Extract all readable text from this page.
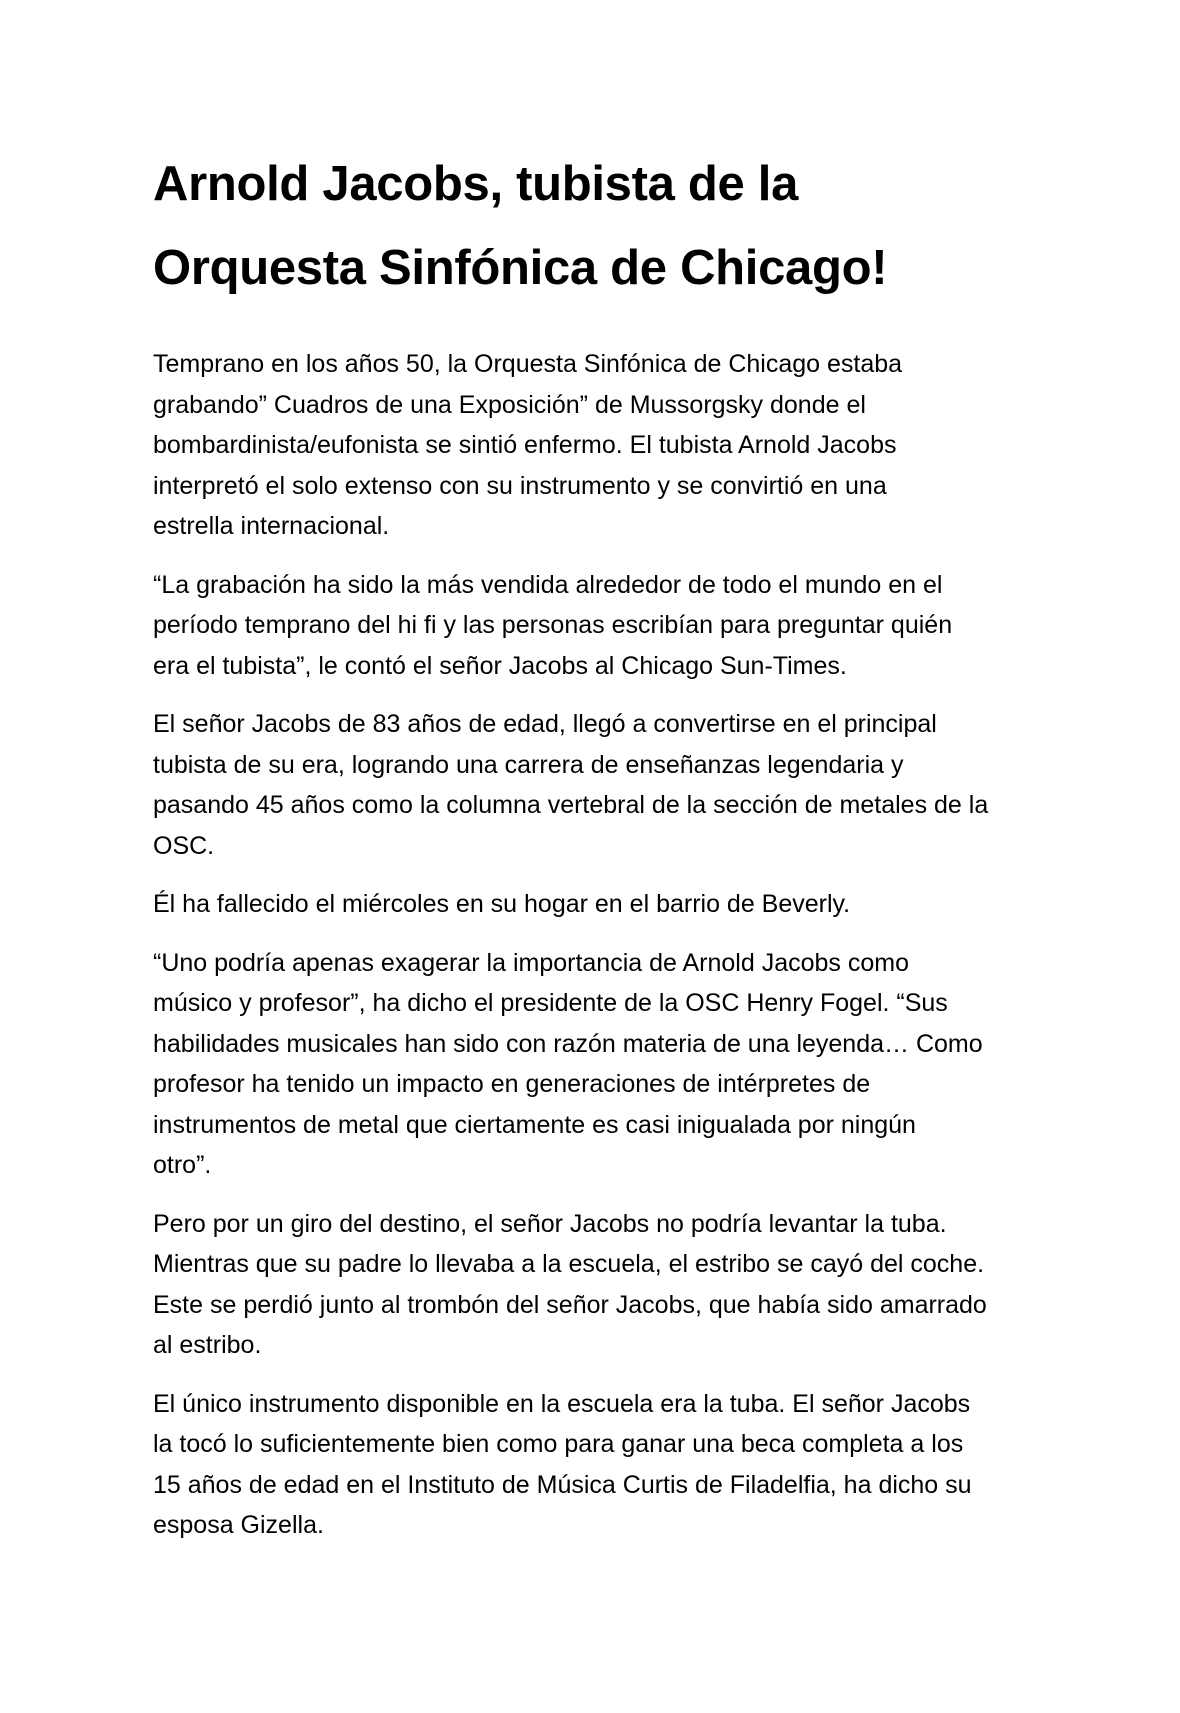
Arnold Jacobs, tubista de la
Orquesta Sinfónica de Chicago!

Temprano en los años 50, la Orquesta Sinfónica de Chicago estaba
grabando” Cuadros de una Exposición” de Mussorgsky donde el
bombardinista/eufonista se sintió enfermo. El tubista Arnold Jacobs
interpretó el solo extenso con su instrumento y se convirtió en una
estrella internacional.

“La grabación ha sido la más vendida alrededor de todo el mundo en el
período temprano del hi fi y las personas escribían para preguntar quién
era el tubista”, le contó el señor Jacobs al Chicago Sun-Times.

El señor Jacobs de 83 años de edad, llegó a convertirse en el principal
tubista de su era, logrando una carrera de enseñanzas legendaria y
pasando 45 años como la columna vertebral de la sección de metales de la
OSC.

Él ha fallecido el miércoles en su hogar en el barrio de Beverly.

“Uno podría apenas exagerar la importancia de Arnold Jacobs como
músico y profesor”, ha dicho el presidente de la OSC Henry Fogel. “Sus
habilidades musicales han sido con razón materia de una leyenda… Como
profesor ha tenido un impacto en generaciones de intérpretes de
instrumentos de metal que ciertamente es casi inigualada por ningún
otro”.

Pero por un giro del destino, el señor Jacobs no podría levantar la tuba.
Mientras que su padre lo llevaba a la escuela, el estribo se cayó del coche.
Este se perdió junto al trombón del señor Jacobs, que había sido amarrado
al estribo.

El único instrumento disponible en la escuela era la tuba. El señor Jacobs
la tocó lo suficientemente bien como para ganar una beca completa a los
15 años de edad en el Instituto de Música Curtis de Filadelfia, ha dicho su
esposa Gizella.
